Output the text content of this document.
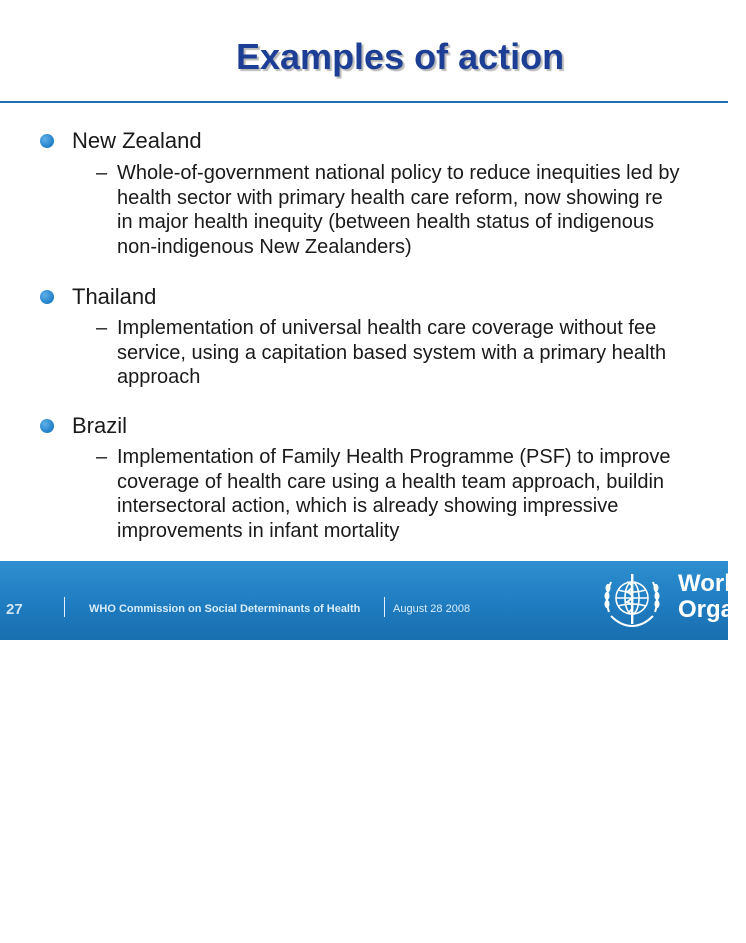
Examples of action
New Zealand
– Whole-of-government national policy to reduce inequities led by
health sector with primary health care reform, now showing re
in major health inequity (between health status of indigenous
non-indigenous New Zealanders)
Thailand
– Implementation of universal health care coverage without fee
service, using a capitation based system with a primary health
approach
Brazil
– Implementation of Family Health Programme (PSF) to improve
coverage of health care using a health team approach, buildin
intersectoral action, which is already showing impressive
improvements in infant mortality
27	WHO Commission on Social Determinants of Health	August 28 2008
World
Orga
